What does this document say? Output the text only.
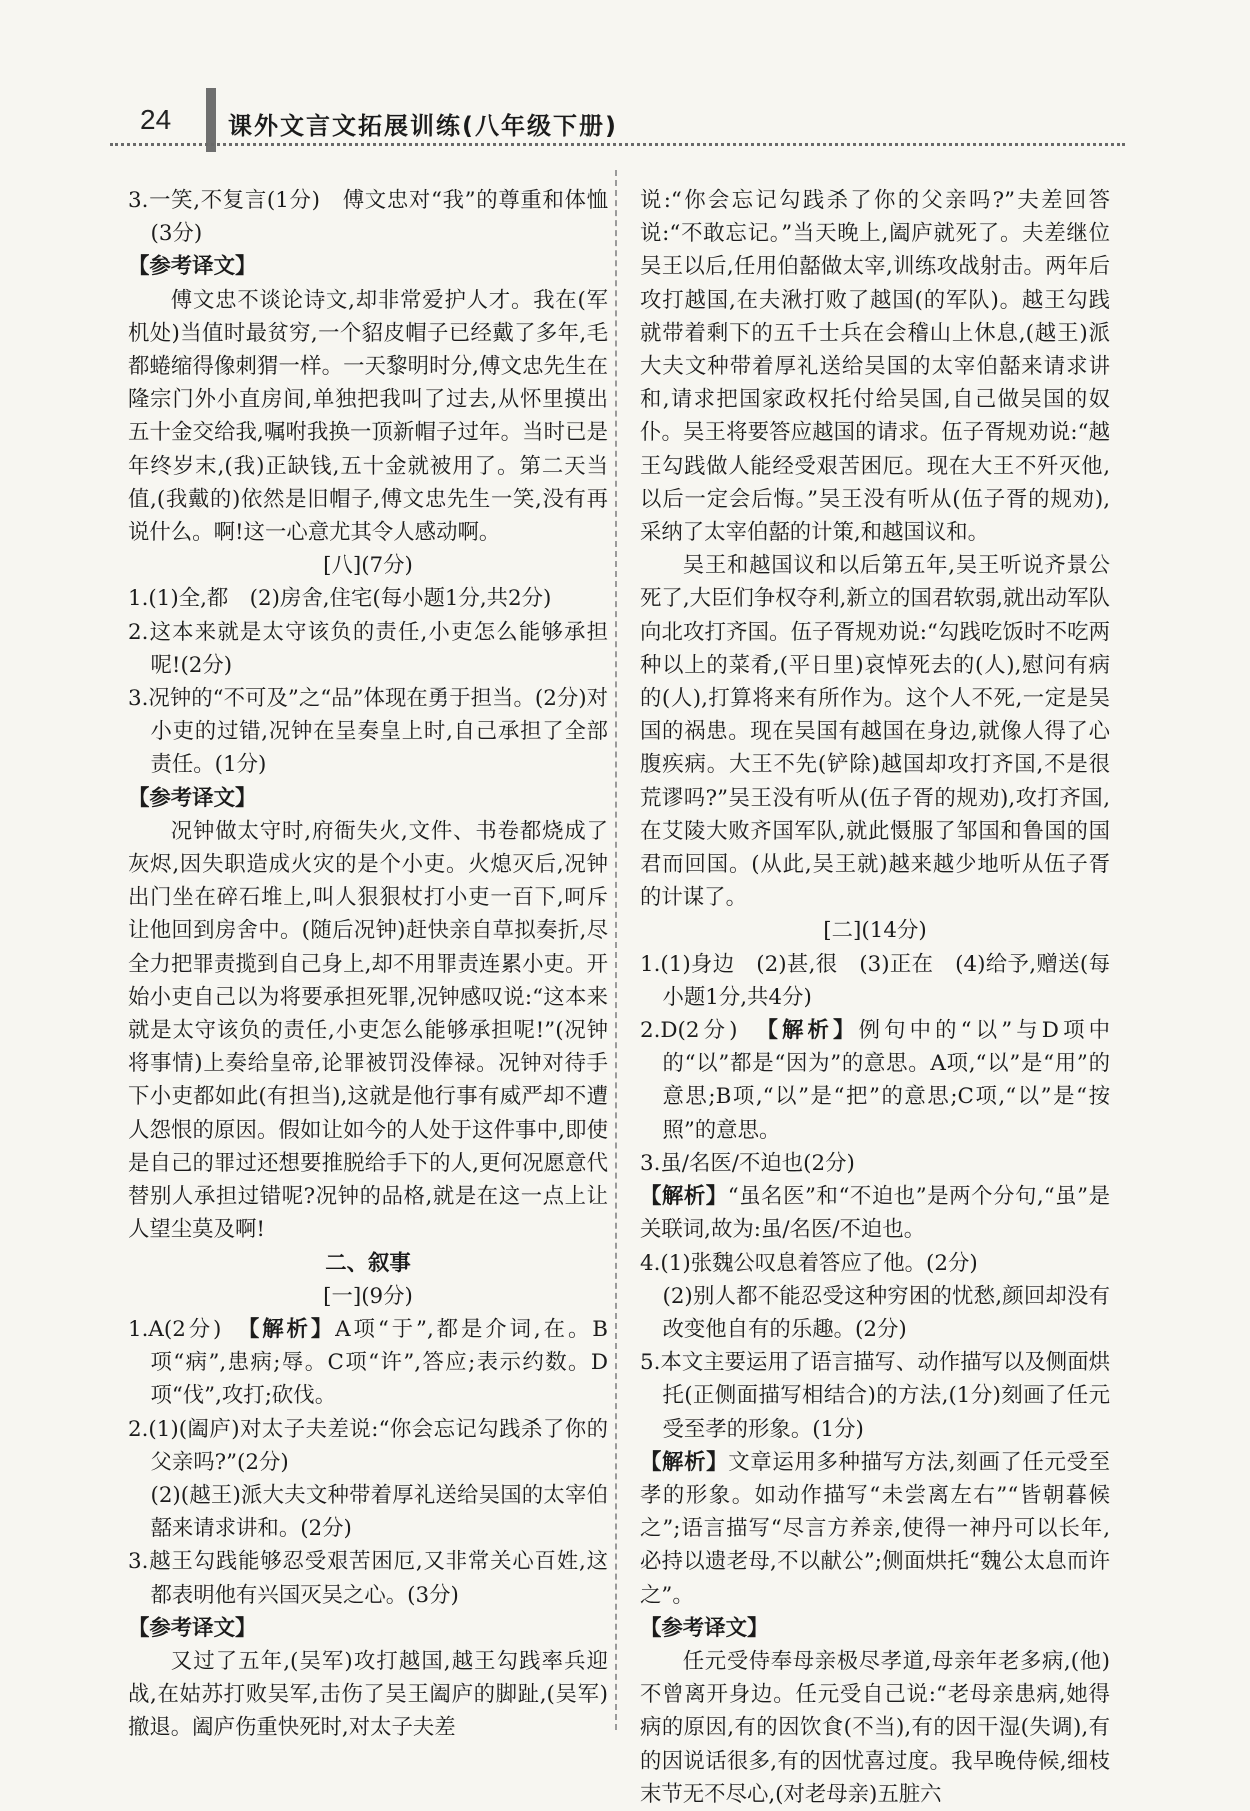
24 课外文言文拓展训练(八年级下册)

3.一笑,不复言(1分)　傅文忠对“我”的尊重和体恤(3分)

【参考译文】

傅文忠不谈论诗文,却非常爱护人才。我在(军机处)当值时最贫穷,一个貂皮帽子已经戴了多年,毛都蜷缩得像刺猬一样。一天黎明时分,傅文忠先生在隆宗门外小直房间,单独把我叫了过去,从怀里摸出五十金交给我,嘱咐我换一顶新帽子过年。当时已是年终岁末,(我)正缺钱,五十金就被用了。第二天当值,(我戴的)依然是旧帽子,傅文忠先生一笑,没有再说什么。啊!这一心意尤其令人感动啊。

[八](7分)

1.(1)全,都　(2)房舍,住宅(每小题1分,共2分)

2.这本来就是太守该负的责任,小吏怎么能够承担呢!(2分)

3.况钟的“不可及”之“品”体现在勇于担当。(2分)对小吏的过错,况钟在呈奏皇上时,自己承担了全部责任。(1分)

【参考译文】

况钟做太守时,府衙失火,文件、书卷都烧成了灰烬,因失职造成火灾的是个小吏。火熄灭后,况钟出门坐在碎石堆上,叫人狠狠杖打小吏一百下,呵斥让他回到房舍中。(随后况钟)赶快亲自草拟奏折,尽全力把罪责揽到自己身上,却不用罪责连累小吏。开始小吏自己以为将要承担死罪,况钟感叹说:“这本来就是太守该负的责任,小吏怎么能够承担呢!”(况钟将事情)上奏给皇帝,论罪被罚没俸禄。况钟对待手下小吏都如此(有担当),这就是他行事有威严却不遭人怨恨的原因。假如让如今的人处于这件事中,即使是自己的罪过还想要推脱给手下的人,更何况愿意代替别人承担过错呢?况钟的品格,就是在这一点上让人望尘莫及啊!

二、叙事

[一](9分)

1.A(2分)　【解析】A项“于”,都是介词,在。B项“病”,患病;辱。C项“许”,答应;表示约数。D项“伐”,攻打;砍伐。

2.(1)(阖庐)对太子夫差说:“你会忘记勾践杀了你的父亲吗?”(2分)

(2)(越王)派大夫文种带着厚礼送给吴国的太宰伯嚭来请求讲和。(2分)

3.越王勾践能够忍受艰苦困厄,又非常关心百姓,这都表明他有兴国灭吴之心。(3分)

【参考译文】

又过了五年,(吴军)攻打越国,越王勾践率兵迎战,在姑苏打败吴军,击伤了吴王阖庐的脚趾,(吴军)撤退。阖庐伤重快死时,对太子夫差

说:“你会忘记勾践杀了你的父亲吗?”夫差回答说:“不敢忘记。”当天晚上,阖庐就死了。夫差继位吴王以后,任用伯嚭做太宰,训练攻战射击。两年后攻打越国,在夫湫打败了越国(的军队)。越王勾践就带着剩下的五千士兵在会稽山上休息,(越王)派大夫文种带着厚礼送给吴国的太宰伯嚭来请求讲和,请求把国家政权托付给吴国,自己做吴国的奴仆。吴王将要答应越国的请求。伍子胥规劝说:“越王勾践做人能经受艰苦困厄。现在大王不歼灭他,以后一定会后悔。”吴王没有听从(伍子胥的规劝),采纳了太宰伯嚭的计策,和越国议和。

吴王和越国议和以后第五年,吴王听说齐景公死了,大臣们争权夺利,新立的国君软弱,就出动军队向北攻打齐国。伍子胥规劝说:“勾践吃饭时不吃两种以上的菜肴,(平日里)哀悼死去的(人),慰问有病的(人),打算将来有所作为。这个人不死,一定是吴国的祸患。现在吴国有越国在身边,就像人得了心腹疾病。大王不先(铲除)越国却攻打齐国,不是很荒谬吗?”吴王没有听从(伍子胥的规劝),攻打齐国,在艾陵大败齐国军队,就此慑服了邹国和鲁国的国君而回国。(从此,吴王就)越来越少地听从伍子胥的计谋了。

[二](14分)

1.(1)身边　(2)甚,很　(3)正在　(4)给予,赠送(每小题1分,共4分)

2.D(2分)　【解析】例句中的“以”与D项中的“以”都是“因为”的意思。A项,“以”是“用”的意思;B项,“以”是“把”的意思;C项,“以”是“按照”的意思。

3.虽/名医/不迫也(2分)

【解析】“虽名医”和“不迫也”是两个分句,“虽”是关联词,故为:虽/名医/不迫也。

4.(1)张魏公叹息着答应了他。(2分)

(2)别人都不能忍受这种穷困的忧愁,颜回却没有改变他自有的乐趣。(2分)

5.本文主要运用了语言描写、动作描写以及侧面烘托(正侧面描写相结合)的方法,(1分)刻画了任元受至孝的形象。(1分)

【解析】文章运用多种描写方法,刻画了任元受至孝的形象。如动作描写“未尝离左右”“皆朝暮候之”;语言描写“尽言方养亲,使得一神丹可以长年,必持以遗老母,不以献公”;侧面烘托“魏公太息而许之”。

【参考译文】

任元受侍奉母亲极尽孝道,母亲年老多病,(他)不曾离开身边。任元受自己说:“老母亲患病,她得病的原因,有的因饮食(不当),有的因干湿(失调),有的因说话很多,有的因忧喜过度。我早晚侍候,细枝末节无不尽心,(对老母亲)五脏六
